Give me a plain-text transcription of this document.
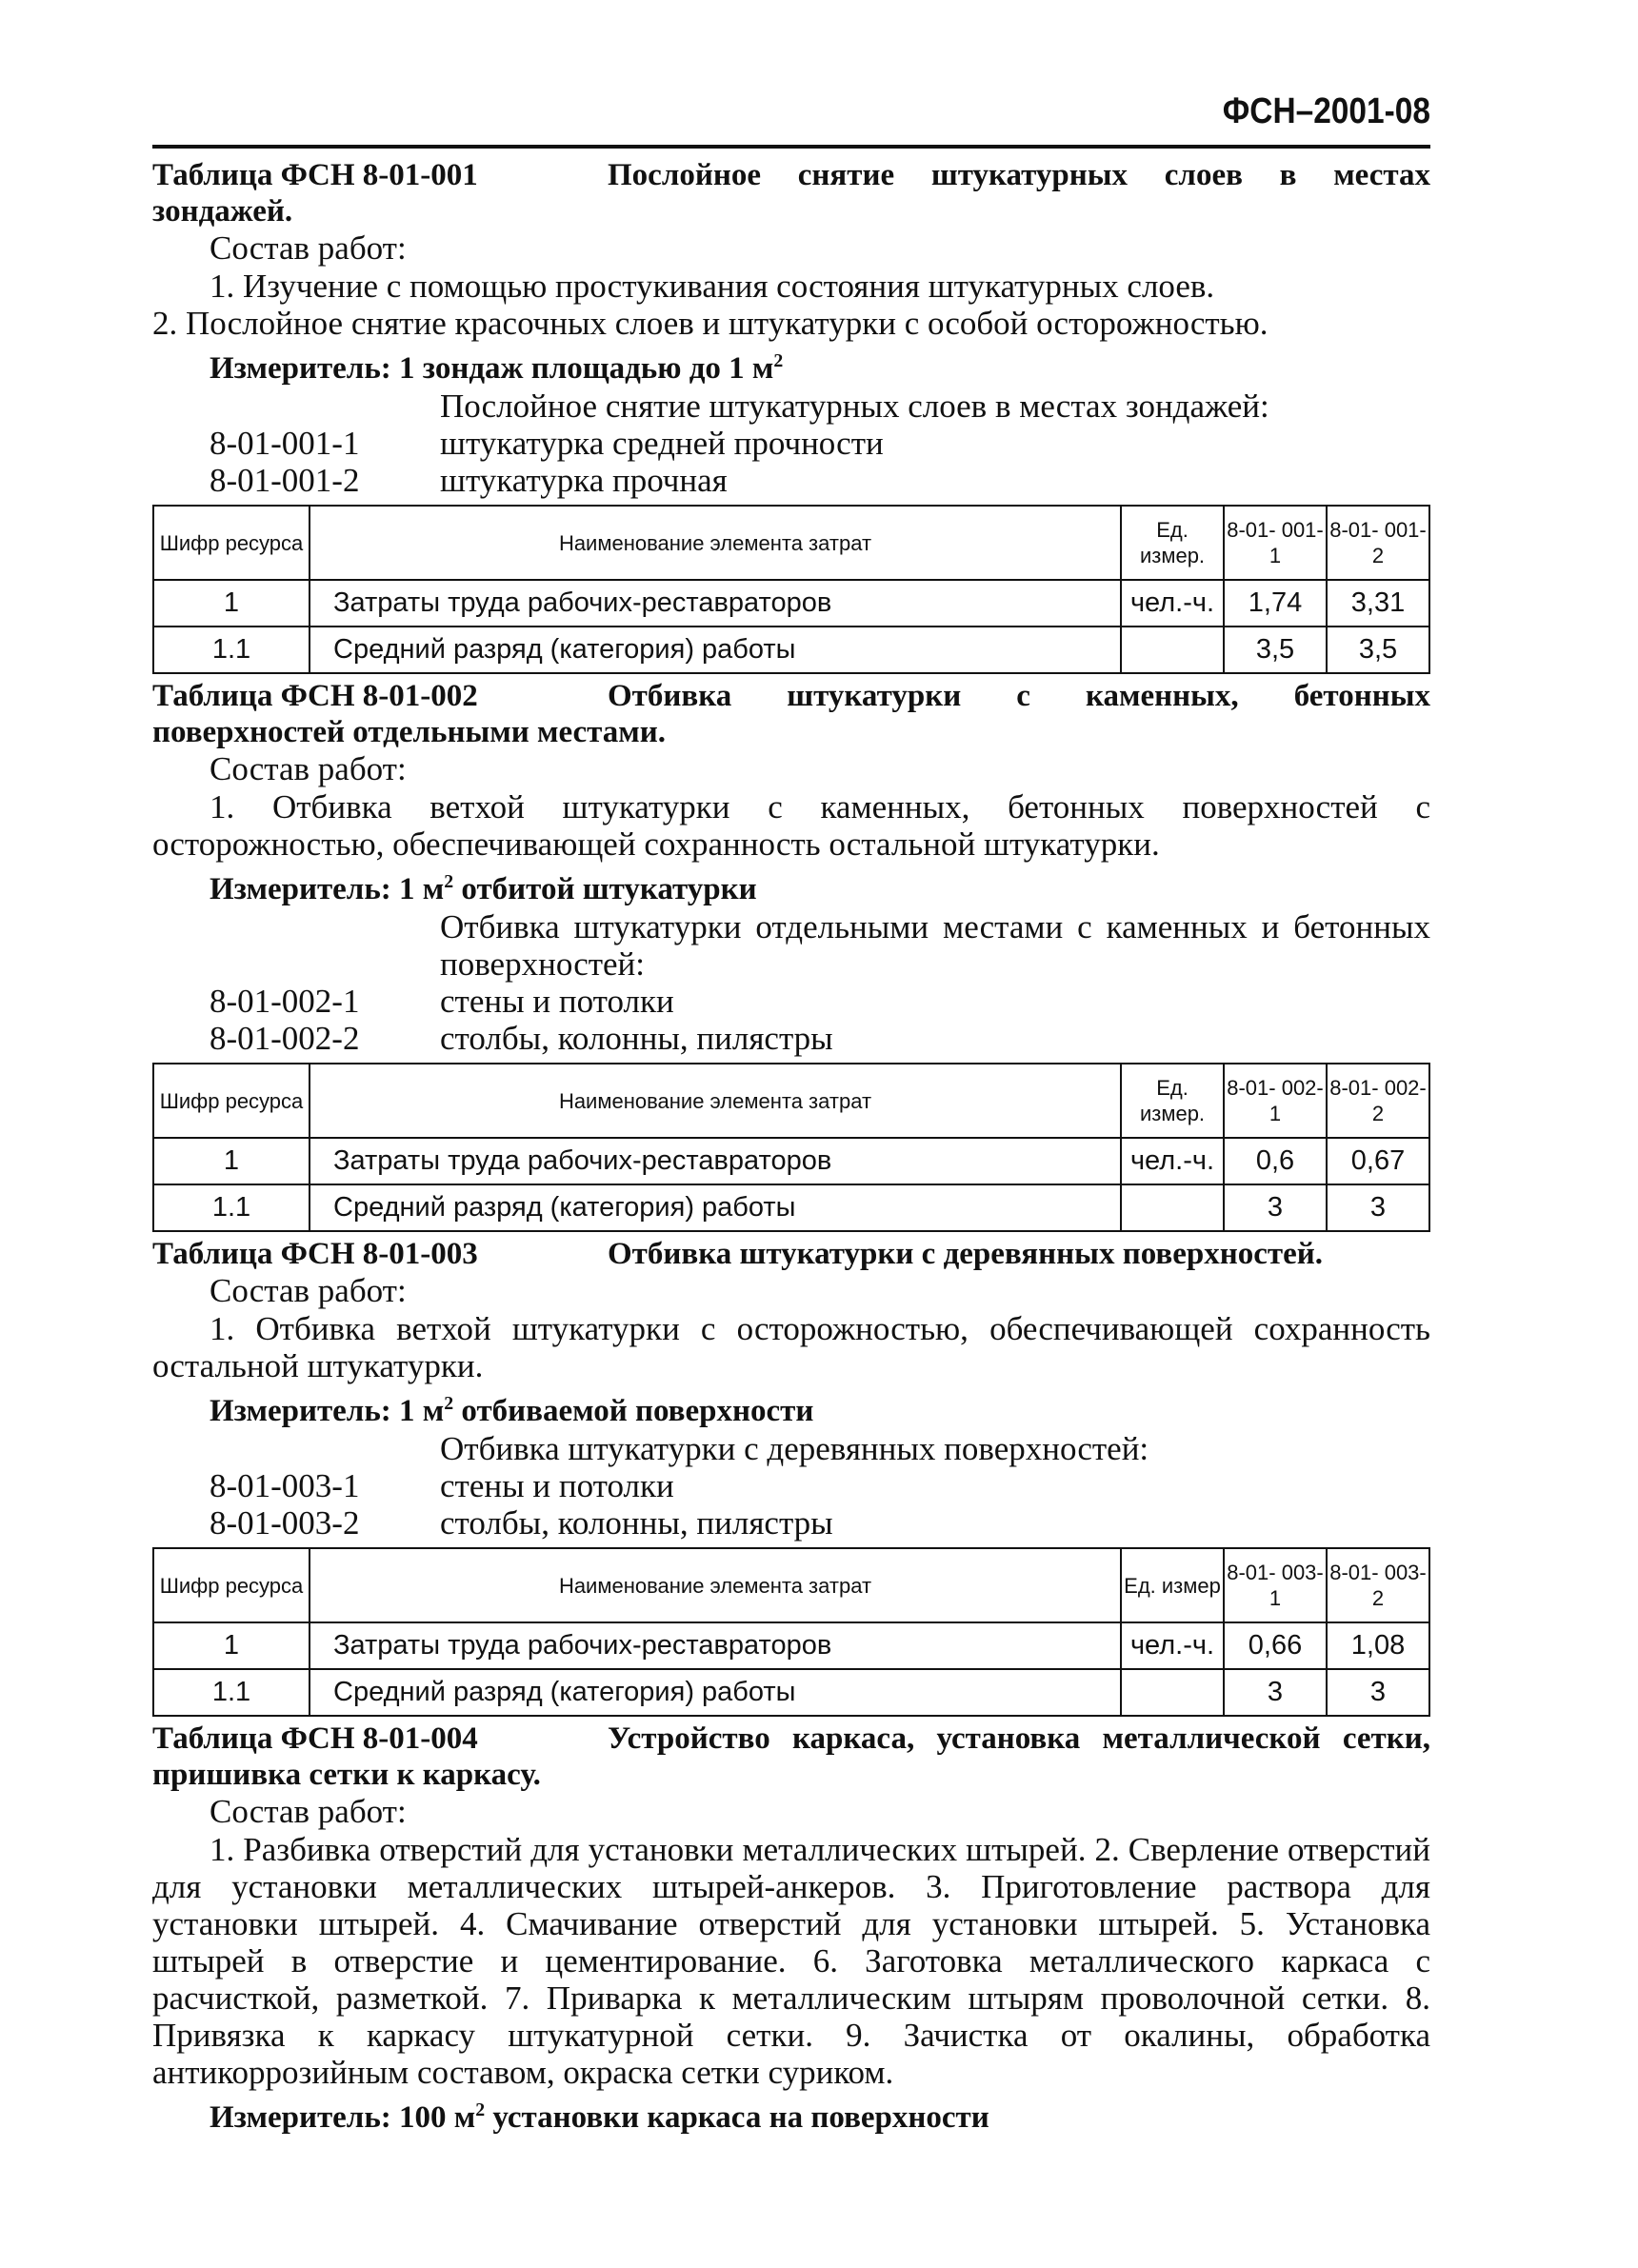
ФСН–2001-08

Таблица ФСН 8-01-001	Послойное снятие штукатурных слоев в местах зондажей.

Состав работ:

1. Изучение с помощью простукивания состояния штукатурных слоев.

2. Послойное снятие красочных слоев и штукатурки с особой осторожностью.

Измеритель: 1 зондаж площадью до 1 $м^2$

Послойное снятие штукатурных слоев в местах зондажей:

8-01-001-1	штукатурка средней прочности
8-01-001-2	штукатурка прочная
Шифр ресурса	Наименование элемента затрат	Ед. измер.	8-01- 001-1	8-01- 001-2
1	Затраты труда рабочих-реставраторов	чел.-ч.	1,74	3,31
1.1	Средний разряд (категория) работы		3,5	3,5

Таблица ФСН 8-01-002	Отбивка штукатурки с каменных, бетонных поверхностей отдельными местами.

Состав работ:

1. Отбивка ветхой штукатурки с каменных, бетонных поверхностей с осторожностью, обеспечивающей сохранность остальной штукатурки.

Измеритель: 1 $м^2$ отбитой штукатурки

Отбивка штукатурки отдельными местами с каменных и бетонных поверхностей:

8-01-002-1	стены и потолки
8-01-002-2	столбы, колонны, пилястры
Шифр ресурса	Наименование элемента затрат	Ед. измер.	8-01- 002-1	8-01- 002-2
1	Затраты труда рабочих-реставраторов	чел.-ч.	0,6	0,67
1.1	Средний разряд (категория) работы		3	3

Таблица ФСН 8-01-003	Отбивка штукатурки с деревянных поверхностей.

Состав работ:

1. Отбивка ветхой штукатурки с осторожностью, обеспечивающей сохранность остальной штукатурки.

Измеритель: 1 $м^2$ отбиваемой поверхности

Отбивка штукатурки с деревянных поверхностей:

8-01-003-1	стены и потолки
8-01-003-2	столбы, колонны, пилястры
Шифр ресурса	Наименование элемента затрат	Ед. измер	8-01- 003-1	8-01- 003-2
1	Затраты труда рабочих-реставраторов	чел.-ч.	0,66	1,08
1.1	Средний разряд (категория) работы		3	3

Таблица ФСН 8-01-004	Устройство каркаса, установка металлической сетки, пришивка сетки к каркасу.

Состав работ:

1. Разбивка отверстий для установки металлических штырей. 2. Сверление отверстий для установки металлических штырей-анкеров. 3. Приготовление раствора для установки штырей. 4. Смачивание отверстий для установки штырей. 5. Установка штырей в отверстие и цементирование. 6. Заготовка металлического каркаса с расчисткой, разметкой. 7. Приварка к металлическим штырям проволочной сетки. 8. Привязка к каркасу штукатурной сетки. 9. Зачистка от окалины, обработка антикоррозийным составом, окраска сетки суриком.

Измеритель: 100 $м^2$ установки каркаса на поверхности
